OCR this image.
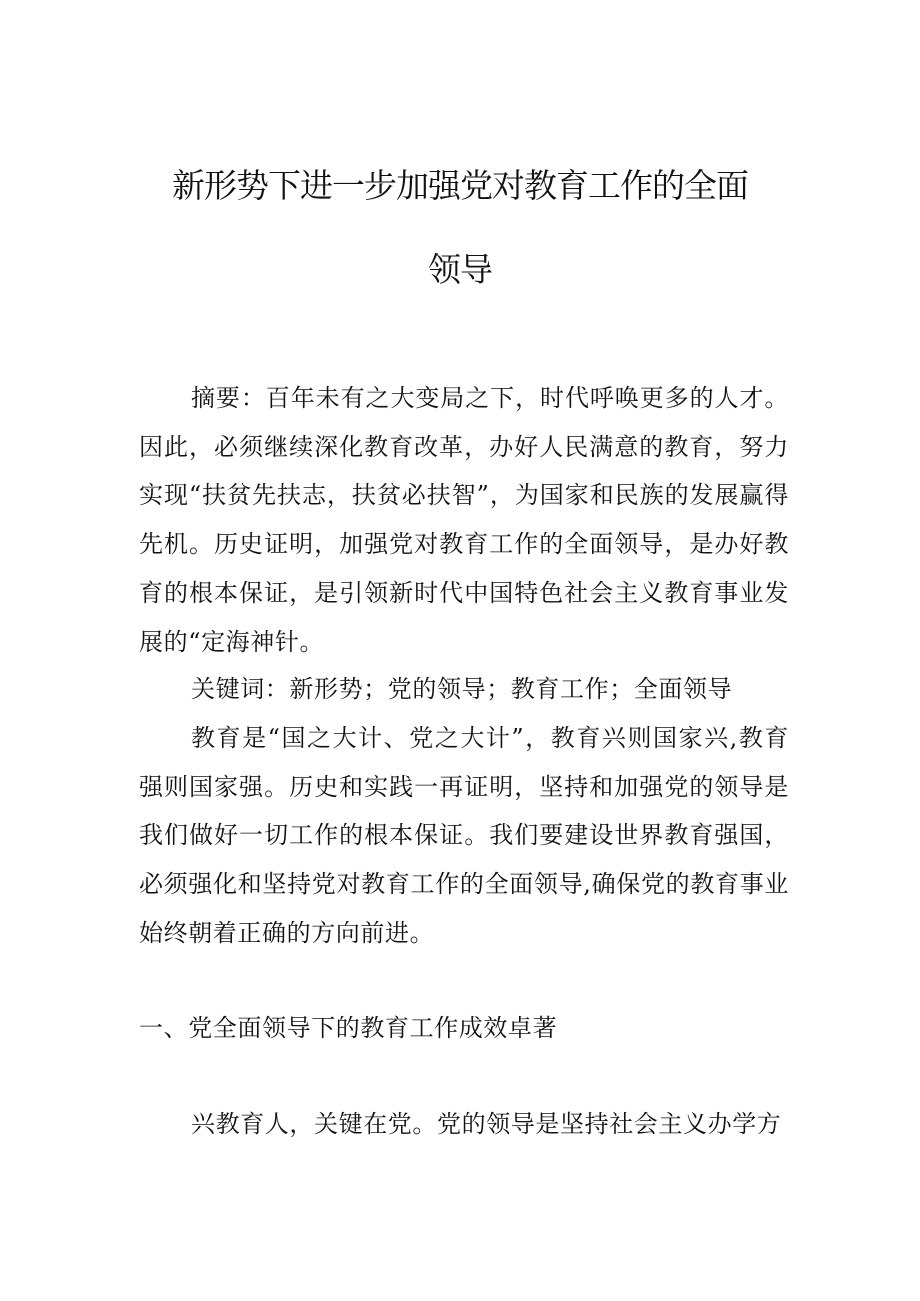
新形势下进一步加强党对教育工作的全面
领导

摘要：百年未有之大变局之下，时代呼唤更多的人才。因此，必须继续深化教育改革，办好人民满意的教育，努力实现“扶贫先扶志，扶贫必扶智”，为国家和民族的发展赢得先机。历史证明，加强党对教育工作的全面领导，是办好教育的根本保证，是引领新时代中国特色社会主义教育事业发展的“定海神针。

关键词：新形势；党的领导；教育工作；全面领导

教育是“国之大计、党之大计”，教育兴则国家兴,教育强则国家强。历史和实践一再证明，坚持和加强党的领导是我们做好一切工作的根本保证。我们要建设世界教育强国，必须强化和坚持党对教育工作的全面领导,确保党的教育事业始终朝着正确的方向前进。

一、党全面领导下的教育工作成效卓著

兴教育人，关键在党。党的领导是坚持社会主义办学方
